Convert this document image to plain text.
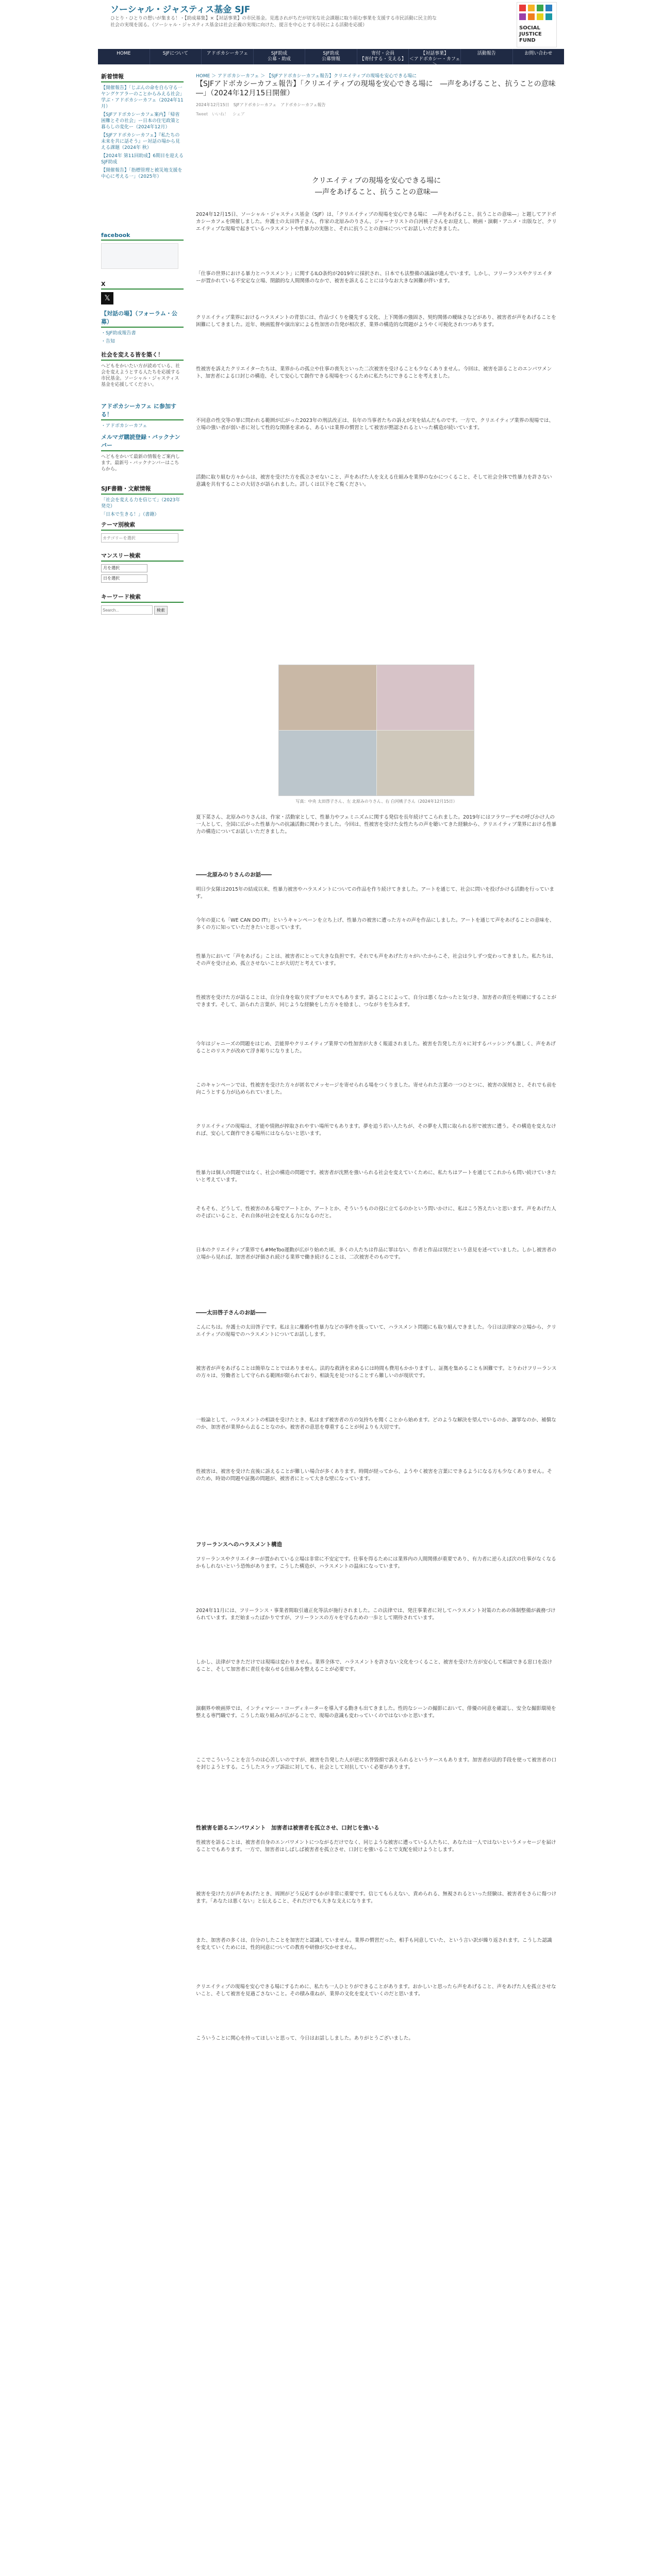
ソーシャル・ジャスティス基金 SJF
ひとり・ひとりの想いが集まる！・【助成募集】×【対話事業】の市民基金。見逃されがちだが切実な社会課題に取り組む事業を支援する市民活動に民主的な社会の実現を図る。（ソーシャル・ジャスティス基金は社会正義の実現に向けた、提言を中心とする市民による活動を応援）	SOCIAL JUSTICE FUND
HOME	SJFについて	アドボカシーカフェ	SJF助成
公募・助成
SJF助成
公募情報
寄付・会員
【寄付する・支える】
【対話事業】
＜アドボカシー・カフェ＞
活動報告	お問い合わせ
新着情報
【開催報告】「じぶんの命を自ら守る一ヤングケアラーのことからみえる社会」学ぶ・アドボカシーカフェ（2024年11月）
【SJFアドボカシーカフェ案内】「帰省困難とその社会」ー日本の住宅政策と暮らしの変化ー（2024年12月）
【SJFアドボカシーカフェ】『私たちの未来を共に話そう』ー対話の場から見える課題（2024年 秋）
【2024年 第11回助成】6期目を迎えるSJF助成
【開催報告】「指標管理と被災地支援を中心に考える一」（2025年）
facebook
X
𝕏
【対話の場】（フォーラム・公募）
・SJF助成報告書
・告知
社会を変える皆を築く！
へどもをかいたい方が読めている、社会を変えようとする人たちを応援する市民基金。ソーシャル・ジャスティス基金を応援してください。
アドボカシーカフェ に参加する！
・アドボカシーカフェ
メルマガ購読登録・バックナンバー
へどもをかいて最新の情報をご案内します。最新号・バックナンバーはこちらから。
SJF書籍・文献情報
「社会を変える力を信じて」（2023年発売）
「日本で生きる！」（書籍）
テーマ別検索
カテゴリーを選択
マンスリー検索
月を選択
日を選択
キーワード検索
Search... 検索
HOME ＞ アドボカシーカフェ ＞ 【SJFアドボカシーカフェ報告】クリエイティブの現場を安心できる場に
【SJFアドボカシーカフェ報告】「クリエイティブの現場を安心できる場に　―声をあげること、抗うことの意味―」（2024年12月15日開催）
2024年12月15日　SJFアドボカシーカフェ　アドボカシーカフェ報告
Tweet　いいね！　シェア
クリエイティブの現場を安心できる場に
―声をあげること、抗うことの意味―
2024年12月15日、ソーシャル・ジャスティス基金（SJF）は、「クリエイティブの現場を安心できる場に　―声をあげること、抗うことの意味―」と題してアドボカシーカフェを開催しました。弁護士の太田啓子さん、作家の北原みのりさん、ジャーナリストの白河桃子さんをお迎えし、映画・演劇・アニメ・出版など、クリエイティブな現場で起きているハラスメントや性暴力の実態と、それに抗うことの意味についてお話しいただきました。
「仕事の世界における暴力とハラスメント」に関するILO条約が2019年に採択され、日本でも法整備の議論が進んでいます。しかし、フリーランスやクリエイターが置かれている不安定な立場、閉鎖的な人間関係のなかで、被害を訴えることには今なお大きな困難が伴います。
クリエイティブ業界におけるハラスメントの背景には、作品づくりを優先する文化、上下関係の強固さ、契約関係の曖昧さなどがあり、被害者が声をあげることを困難にしてきました。近年、映画監督や演出家による性加害の告発が相次ぎ、業界の構造的な問題がようやく可視化されつつあります。
性被害を訴えたクリエイターたちは、業界からの孤立や仕事の喪失といった二次被害を受けることも少なくありません。今回は、被害を語ることのエンパワメント、加害者による口封じの構造、そして安心して創作できる現場をつくるために私たちにできることを考えました。
不同意の性交等の罪に問われる範囲が広がった2023年の刑法改正は、長年の当事者たちの訴えが実を結んだものです。一方で、クリエイティブ業界の現場では、立場の強い者が弱い者に対して性的な関係を求める、あるいは業界の慣習として被害が黙認されるといった構造が続いています。
活動に取り組む方々からは、被害を受けた方を孤立させないこと、声をあげた人を支える仕組みを業界のなかにつくること、そして社会全体で性暴力を許さない意識を共有することの大切さが語られました。詳しくは以下をご覧ください。
写真：中央 太田啓子さん、左 北原みのりさん、右 白河桃子さん（2024年12月15日）
夏下菜さん、北原みのりさんは、作家・活動家として、性暴力やフェミニズムに関する発信を長年続けてこられました。2019年にはフラワーデモの呼びかけ人の一人として、全国に広がった性暴力への抗議活動に関わりました。今回は、性被害を受けた女性たちの声を聴いてきた経験から、クリエイティブ業界における性暴力の構造についてお話しいただきました。
――北原みのりさんのお話――
明日少女隊は2015年の結成以来、性暴力被害やハラスメントについての作品を作り続けてきました。アートを通じて、社会に問いを投げかける活動を行っています。
今年の夏にも「WE CAN DO IT!」というキャンペーンを立ち上げ、性暴力の被害に遭った方々の声を作品にしました。アートを通じて声をあげることの意味を、多くの方に知っていただきたいと思っています。
性暴力において「声をあげる」ことは、被害者にとって大きな負担です。それでも声をあげた方々がいたからこそ、社会は少しずつ変わってきました。私たちは、その声を受け止め、孤立させないことが大切だと考えています。
性被害を受けた方が語ることは、自分自身を取り戻すプロセスでもあります。語ることによって、自分は悪くなかったと気づき、加害者の責任を明確にすることができます。そして、語られた言葉が、同じような経験をした方々を励まし、つながりを生みます。
今年はジャニーズの問題をはじめ、芸能界やクリエイティブ業界での性加害が大きく報道されました。被害を告発した方々に対するバッシングも激しく、声をあげることのリスクが改めて浮き彫りになりました。
このキャンペーンでは、性被害を受けた方々が匿名でメッセージを寄せられる場をつくりました。寄せられた言葉の一つひとつに、被害の深刻さと、それでも前を向こうとする力が込められていました。
クリエイティブの現場は、才能や情熱が搾取されやすい場所でもあります。夢を追う若い人たちが、その夢を人質に取られる形で被害に遭う。その構造を変えなければ、安心して創作できる場所にはならないと思います。
性暴力は個人の問題ではなく、社会の構造の問題です。被害者が沈黙を強いられる社会を変えていくために、私たちはアートを通じてこれからも問い続けていきたいと考えています。
そもそも、どうして、性被害のある場でアートとか、アートとか、そういうものの役に立てるのかという問いかけに、私はこう答えたいと思います。声をあげた人のそばにいること、それ自体が社会を変える力になるのだと。
日本のクリエイティブ業界でも#MeToo運動が広がり始めた頃、多くの人たちは作品に罪はない、作者と作品は別だという意見を述べていました。しかし被害者の立場から見れば、加害者が評価され続ける業界で働き続けることは、二次被害そのものです。
――太田啓子さんのお話――
こんにちは。弁護士の太田啓子です。私は主に離婚や性暴力などの事件を扱っていて、ハラスメント問題にも取り組んできました。今日は法律家の立場から、クリエイティブの現場でのハラスメントについてお話しします。
被害者が声をあげることは簡単なことではありません。法的な救済を求めるには時間も費用もかかりますし、証拠を集めることも困難です。とりわけフリーランスの方々は、労働者として守られる範囲が限られており、相談先を見つけることすら難しいのが現状です。
一般論として、ハラスメントの相談を受けたとき、私はまず被害者の方の気持ちを聞くことから始めます。どのような解決を望んでいるのか、謝罪なのか、補償なのか、加害者が業界から去ることなのか。被害者の意思を尊重することが何よりも大切です。
性被害は、被害を受けた直後に訴えることが難しい場合が多くあります。時間が経ってから、ようやく被害を言葉にできるようになる方も少なくありません。そのため、時効の問題や証拠の問題が、被害者にとって大きな壁になっています。
フリーランスへのハラスメント構造
フリーランスやクリエイターが置かれている立場は非常に不安定です。仕事を得るためには業界内の人間関係が重要であり、有力者に逆らえば次の仕事がなくなるかもしれないという恐怖があります。こうした構造が、ハラスメントの温床になっています。
2024年11月には、フリーランス・事業者間取引適正化等法が施行されました。この法律では、発注事業者に対してハラスメント対策のための体制整備が義務づけられています。まだ始まったばかりですが、フリーランスの方々を守るための一歩として期待されています。
しかし、法律ができただけでは現場は変わりません。業界全体で、ハラスメントを許さない文化をつくること、被害を受けた方が安心して相談できる窓口を設けること、そして加害者に責任を取らせる仕組みを整えることが必要です。
演劇界や映画界では、インティマシー・コーディネーターを導入する動きも出てきました。性的なシーンの撮影において、俳優の同意を確認し、安全な撮影環境を整える専門職です。こうした取り組みが広がることで、現場の意識も変わっていくのではないかと思います。
ここでこういうことを言うのは心苦しいのですが、被害を告発した人が逆に名誉毀損で訴えられるというケースもあります。加害者が法的手段を使って被害者の口を封じようとする。こうしたスラップ訴訟に対しても、社会として対抗していく必要があります。
性被害を語るエンパワメント　加害者は被害者を孤立させ、口封じを強いる
性被害を語ることは、被害者自身のエンパワメントにつながるだけでなく、同じような被害に遭っている人たちに、あなたは一人ではないというメッセージを届けることでもあります。一方で、加害者はしばしば被害者を孤立させ、口封じを強いることで支配を続けようとします。
被害を受けた方が声をあげたとき、周囲がどう反応するかが非常に重要です。信じてもらえない、責められる、無視されるといった経験は、被害者をさらに傷つけます。「あなたは悪くない」と伝えること、それだけでも大きな支えになります。
また、加害者の多くは、自分のしたことを加害だと認識していません。業界の慣習だった、相手も同意していた、という言い訳が繰り返されます。こうした認識を変えていくためには、性的同意についての教育や研修が欠かせません。
クリエイティブの現場を安心できる場にするために、私たち一人ひとりができることがあります。おかしいと思ったら声をあげること、声をあげた人を孤立させないこと、そして被害を見過ごさないこと。その積み重ねが、業界の文化を変えていくのだと思います。
こういうことに関心を持ってほしいと思って、今日はお話ししました。ありがとうございました。
